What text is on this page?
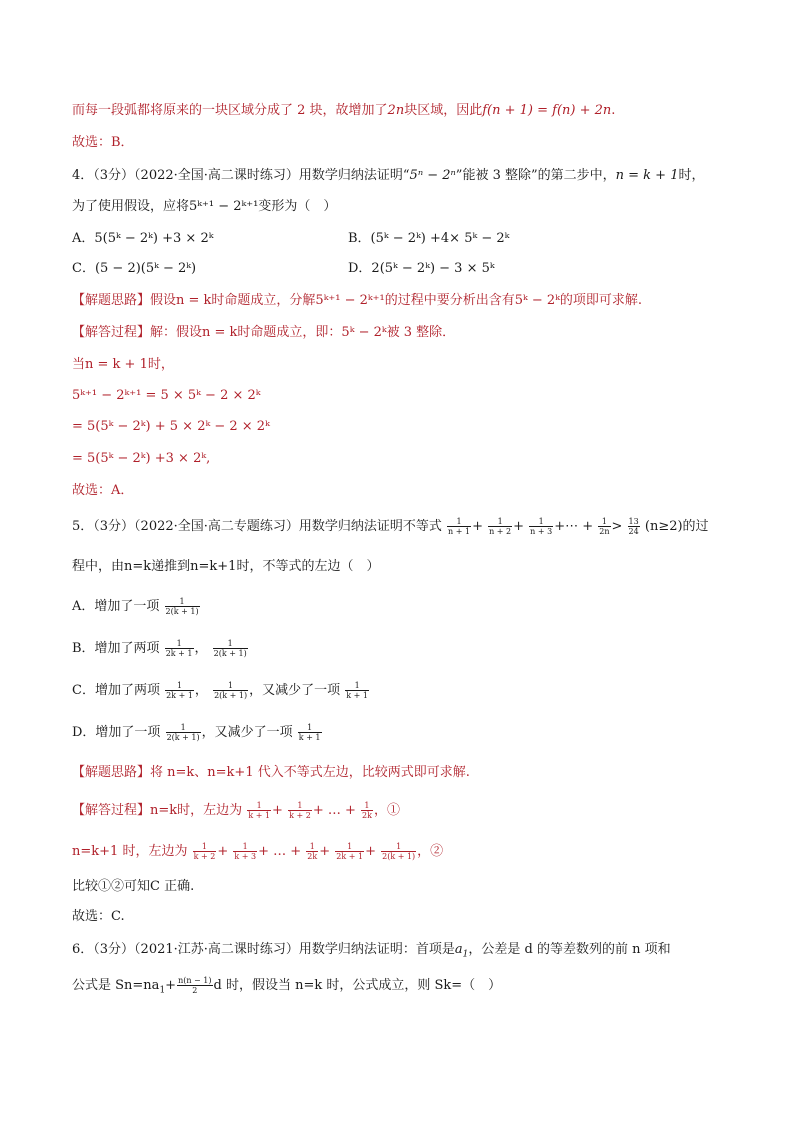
而每一段弧都将原来的一块区域分成了 2 块，故增加了2n块区域，因此f(n + 1) = f(n) + 2n.
故选：B．
4．（3分）（2022·全国·高二课时练习）用数学归纳法证明“5ⁿ − 2ⁿ”能被 3 整除”的第二步中，n = k + 1时，
为了使用假设，应将5ᵏ⁺¹ − 2ᵏ⁺¹变形为（　）
A．5(5ᵏ − 2ᵏ) +3 × 2ᵏ	B．(5ᵏ − 2ᵏ) +4× 5ᵏ − 2ᵏ
C．(5 − 2)(5ᵏ − 2ᵏ)	D．2(5ᵏ − 2ᵏ) − 3 × 5ᵏ
【解题思路】假设n = k时命题成立，分解5ᵏ⁺¹ − 2ᵏ⁺¹的过程中要分析出含有5ᵏ − 2ᵏ的项即可求解.
【解答过程】解：假设n = k时命题成立，即：5ᵏ − 2ᵏ被 3 整除．
当n = k + 1时，
5ᵏ⁺¹ − 2ᵏ⁺¹ = 5 × 5ᵏ − 2 × 2ᵏ
= 5(5ᵏ − 2ᵏ) + 5 × 2ᵏ − 2 × 2ᵏ
= 5(5ᵏ − 2ᵏ) +3 × 2ᵏ,
故选：A．
5．（3分）（2022·全国·高二专题练习）用数学归纳法证明不等式 $\frac{1}{n + 1} + \frac{1}{n + 2} + \frac{1}{n + 3}$ +⋯ + $\frac{1}{2n} > \frac{13}{24} (n\ge 2)$的过
程中，由n=k递推到n=k+1时，不等式的左边（　）
A．增加了一项 $\frac{1}{2(k + 1)}$
B．增加了两项 $\frac{1}{2k + 1}$ ， $\frac{1}{2(k + 1)}$
C．增加了两项 $\frac{1}{2k + 1}$ ， $\frac{1}{2(k + 1)}$ ，又减少了一项 $\frac{1}{k + 1}$
D．增加了一项 $\frac{1}{2(k + 1)}$ ，又减少了一项 $\frac{1}{k + 1}$
【解题思路】将 n=k、n=k+1 代入不等式左边，比较两式即可求解.
【解答过程】n=k时，左边为 $\frac{1}{k + 1} + \frac{1}{k + 2}$ + … + $\frac{1}{2k}$ ，①
n=k+1 时，左边为 $\frac{1}{k + 2} + \frac{1}{k + 3}$ + … + $\frac{1}{2k} + \frac{1}{2k + 1} + \frac{1}{2(k + 1)}$ ，②
比较①②可知C 正确.
故选：C.
6．（3分）（2021·江苏·高二课时练习）用数学归纳法证明：首项是$a_1$，公差是 d 的等差数列的前 n 项和
公式是 $Sn=na_1+ \frac{n(n - 1)}{2}$ d 时，假设当 n=k 时，公式成立，则 Sk=（　）
